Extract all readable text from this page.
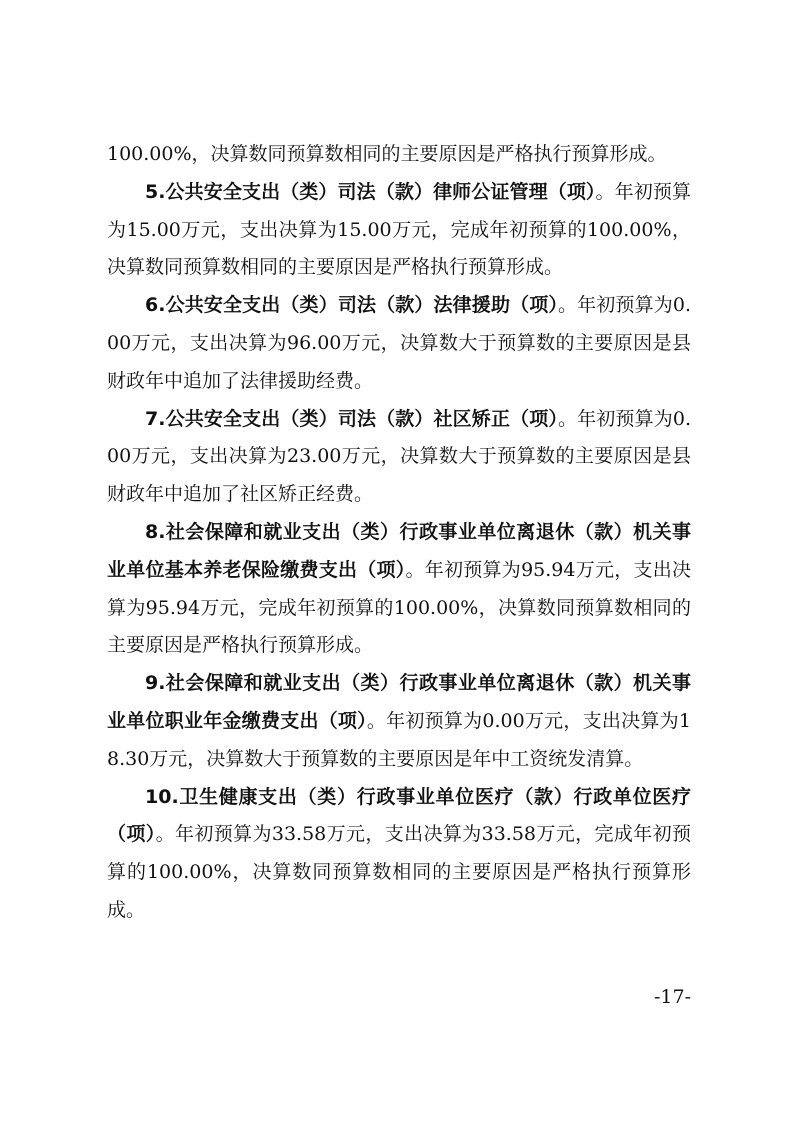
100.00%，决算数同预算数相同的主要原因是严格执行预算形成。

5.公共安全支出（类）司法（款）律师公证管理（项）。年初预算为15.00万元，支出决算为15.00万元，完成年初预算的100.00%，决算数同预算数相同的主要原因是严格执行预算形成。

6.公共安全支出（类）司法（款）法律援助（项）。年初预算为0.00万元，支出决算为96.00万元，决算数大于预算数的主要原因是县财政年中追加了法律援助经费。

7.公共安全支出（类）司法（款）社区矫正（项）。年初预算为0.00万元，支出决算为23.00万元，决算数大于预算数的主要原因是县财政年中追加了社区矫正经费。

8.社会保障和就业支出（类）行政事业单位离退休（款）机关事业单位基本养老保险缴费支出（项）。年初预算为95.94万元，支出决算为95.94万元，完成年初预算的100.00%，决算数同预算数相同的主要原因是严格执行预算形成。

9.社会保障和就业支出（类）行政事业单位离退休（款）机关事业单位职业年金缴费支出（项）。年初预算为0.00万元，支出决算为18.30万元，决算数大于预算数的主要原因是年中工资统发清算。

10.卫生健康支出（类）行政事业单位医疗（款）行政单位医疗（项）。年初预算为33.58万元，支出决算为33.58万元，完成年初预算的100.00%，决算数同预算数相同的主要原因是严格执行预算形成。

-17-
